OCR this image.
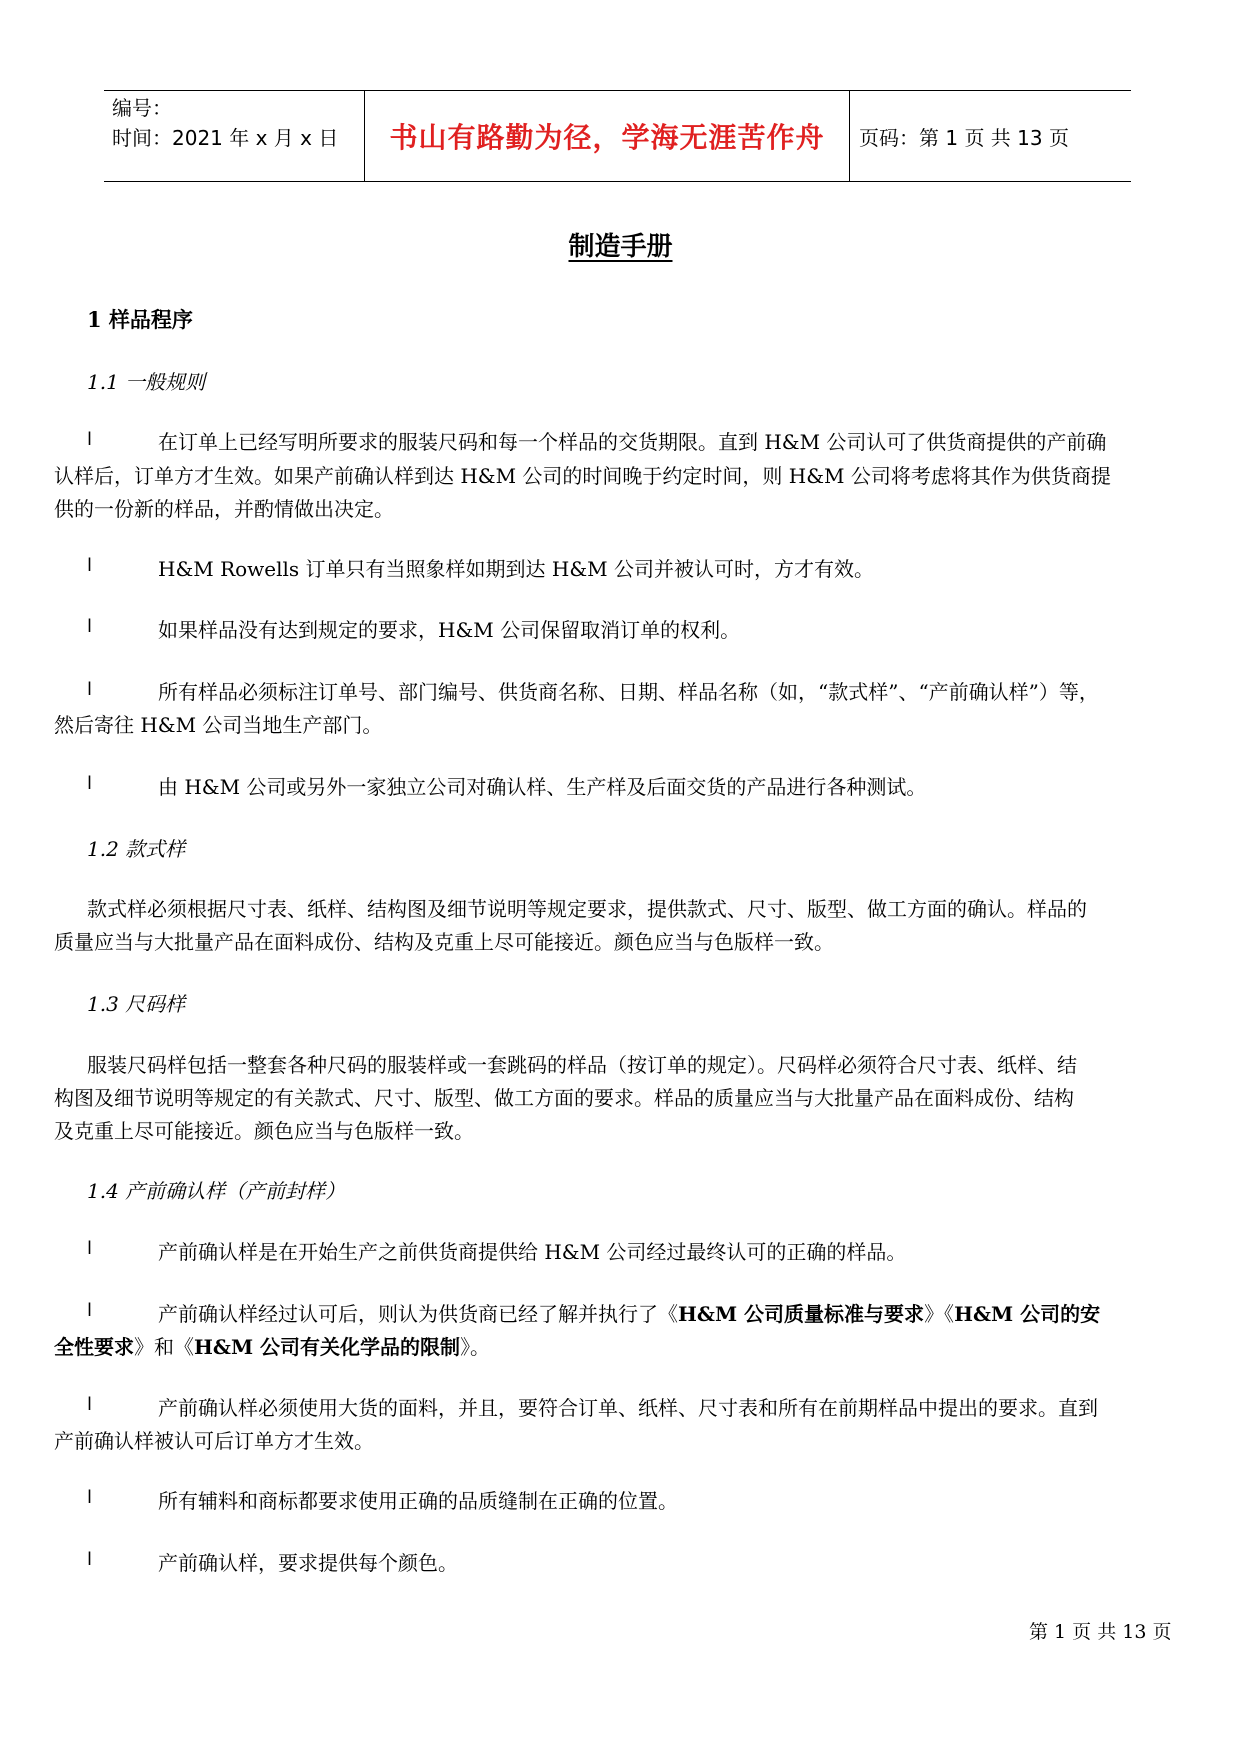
编号：
时间：2021 年 x 月 x 日	书山有路勤为径，学海无涯苦作舟	页码：第 1 页 共 13 页
制造手册
1 样品程序
1.1 一般规则
l	在订单上已经写明所要求的服装尺码和每一个样品的交货期限。直到 H&M 公司认可了供货商提供的产前确
认样后，订单方才生效。如果产前确认样到达 H&M 公司的时间晚于约定时间，则 H&M 公司将考虑将其作为供货商提
供的一份新的样品，并酌情做出决定。
l	H&M Rowells 订单只有当照象样如期到达 H&M 公司并被认可时，方才有效。
l	如果样品没有达到规定的要求，H&M 公司保留取消订单的权利。
l	所有样品必须标注订单号、部门编号、供货商名称、日期、样品名称（如，“款式样”、“产前确认样”）等，
然后寄往 H&M 公司当地生产部门。
l	由 H&M 公司或另外一家独立公司对确认样、生产样及后面交货的产品进行各种测试。
1.2 款式样
款式样必须根据尺寸表、纸样、结构图及细节说明等规定要求，提供款式、尺寸、版型、做工方面的确认。样品的
质量应当与大批量产品在面料成份、结构及克重上尽可能接近。颜色应当与色版样一致。
1.3 尺码样
服装尺码样包括一整套各种尺码的服装样或一套跳码的样品（按订单的规定）。尺码样必须符合尺寸表、纸样、结
构图及细节说明等规定的有关款式、尺寸、版型、做工方面的要求。样品的质量应当与大批量产品在面料成份、结构
及克重上尽可能接近。颜色应当与色版样一致。
1.4 产前确认样（产前封样）
l	产前确认样是在开始生产之前供货商提供给 H&M 公司经过最终认可的正确的样品。
l	产前确认样经过认可后，则认为供货商已经了解并执行了《H&M 公司质量标准与要求》《H&M 公司的安
全性要求》和《H&M 公司有关化学品的限制》。
l	产前确认样必须使用大货的面料，并且，要符合订单、纸样、尺寸表和所有在前期样品中提出的要求。直到
产前确认样被认可后订单方才生效。
l	所有辅料和商标都要求使用正确的品质缝制在正确的位置。
l	产前确认样，要求提供每个颜色。
第 1 页 共 13 页
